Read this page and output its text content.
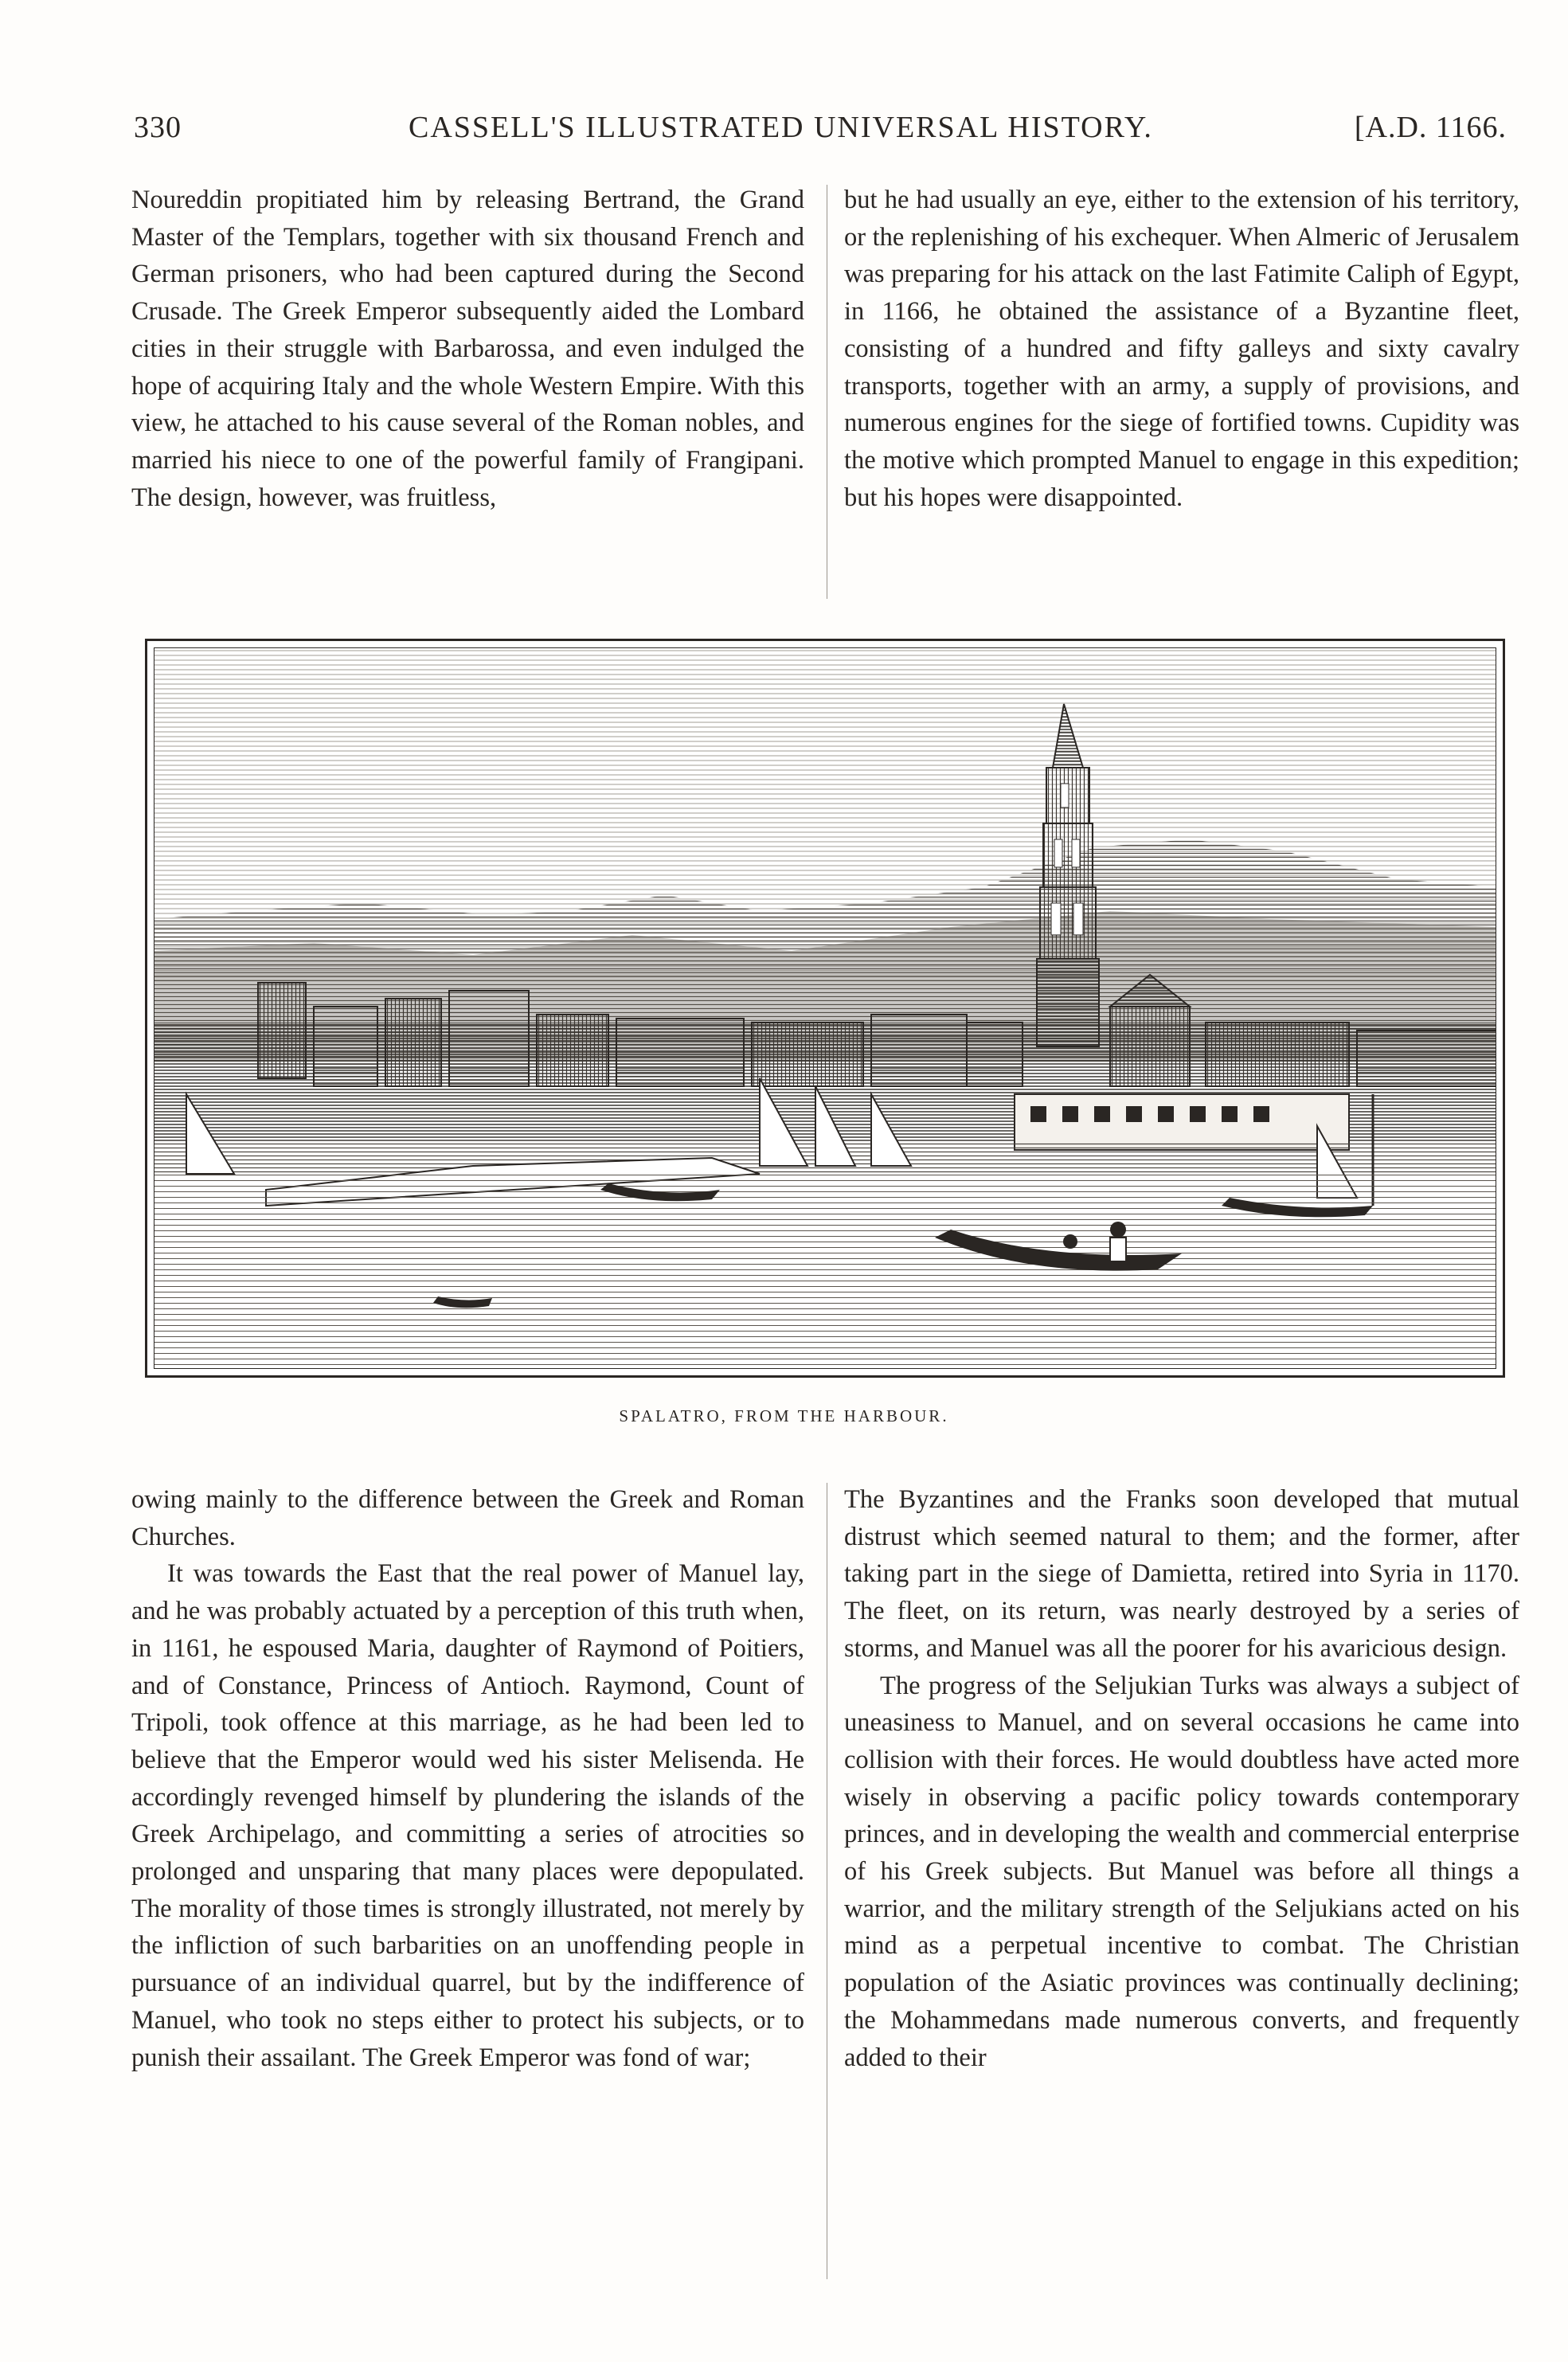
330	CASSELL'S ILLUSTRATED UNIVERSAL HISTORY.	[A.D. 1166.

Noureddin propitiated him by releasing Bertrand, the Grand Master of the Templars, together with six thousand French and German prisoners, who had been captured during the Second Crusade. The Greek Emperor subsequently aided the Lombard cities in their struggle with Barbarossa, and even indulged the hope of acquiring Italy and the whole Western Empire. With this view, he attached to his cause several of the Roman nobles, and married his niece to one of the powerful family of Frangipani. The design, however, was fruitless,

but he had usually an eye, either to the extension of his territory, or the replenishing of his exchequer. When Almeric of Jerusalem was preparing for his attack on the last Fatimite Caliph of Egypt, in 1166, he obtained the assistance of a Byzantine fleet, consisting of a hundred and fifty galleys and sixty cavalry transports, together with an army, a supply of provisions, and numerous engines for the siege of fortified towns. Cupidity was the motive which prompted Manuel to engage in this expedition; but his hopes were disappointed.

SPALATRO, FROM THE HARBOUR.

owing mainly to the difference between the Greek and Roman Churches.

It was towards the East that the real power of Manuel lay, and he was probably actuated by a perception of this truth when, in 1161, he espoused Maria, daughter of Raymond of Poitiers, and of Constance, Princess of Antioch. Raymond, Count of Tripoli, took offence at this marriage, as he had been led to believe that the Emperor would wed his sister Melisenda. He accordingly revenged himself by plundering the islands of the Greek Archipelago, and committing a series of atrocities so prolonged and unsparing that many places were depopulated. The morality of those times is strongly illustrated, not merely by the infliction of such barbarities on an unoffending people in pursuance of an individual quarrel, but by the indifference of Manuel, who took no steps either to protect his subjects, or to punish their assailant. The Greek Emperor was fond of war;

The Byzantines and the Franks soon developed that mutual distrust which seemed natural to them; and the former, after taking part in the siege of Damietta, retired into Syria in 1170. The fleet, on its return, was nearly destroyed by a series of storms, and Manuel was all the poorer for his avaricious design.

The progress of the Seljukian Turks was always a subject of uneasiness to Manuel, and on several occasions he came into collision with their forces. He would doubtless have acted more wisely in observing a pacific policy towards contemporary princes, and in developing the wealth and commercial enterprise of his Greek subjects. But Manuel was before all things a warrior, and the military strength of the Seljukians acted on his mind as a perpetual incentive to combat. The Christian population of the Asiatic provinces was continually declining; the Mohammedans made numerous converts, and frequently added to their
